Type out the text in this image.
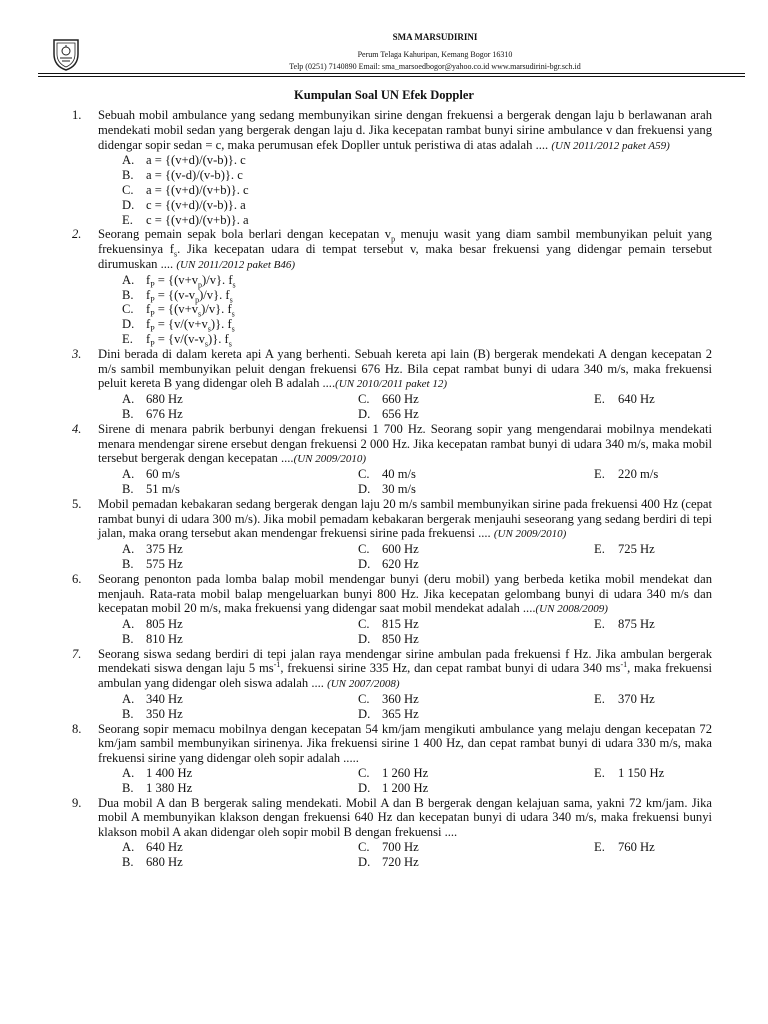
SMA MARSUDIRINI
Perum Telaga Kahuripan, Kemang Bogor 16310
Telp (0251) 7140890 Email: sma_marsoedbogor@yahoo.co.id www.marsudirini-bgr.sch.id
Kumpulan Soal UN Efek Doppler
1.	Sebuah mobil ambulance yang sedang membunyikan sirine dengan frekuensi a bergerak dengan laju b berlawanan arah mendekati mobil sedan yang bergerak dengan laju d. Jika kecepatan rambat bunyi sirine ambulance v dan frekuensi yang didengar sopir sedan = c, maka perumusan efek Dopller untuk peristiwa di atas adalah .... (UN 2011/2012 paket A59)
A. a = {(v+d)/(v-b)}. c
B. a = {(v-d)/(v-b)}. c
C. a = {(v+d)/(v+b)}. c
D. c = {(v+d)/(v-b)}. a
E. c = {(v+d)/(v+b)}. a
2.	Seorang pemain sepak bola berlari dengan kecepatan $v_p$ menuju wasit yang diam sambil membunyikan peluit yang frekuensinya $f_s$. Jika kecepatan udara di tempat tersebut v, maka besar frekuensi yang didengar pemain tersebut dirumuskan .... (UN 2011/2012 paket B46)
A. $f_P = \{(v+v_p)/v\}$. $f_s$
B. $f_P = \{(v-v_p)/v\}$. $f_s$
C. $f_P = \{(v+v_s)/v\}$. $f_s$
D. $f_P = \{v/(v+v_s)\}$. $f_s$
E. $f_P = \{v/(v-v_s)\}$. $f_s$
3.	Dini berada di dalam kereta api A yang berhenti. Sebuah kereta api lain (B) bergerak mendekati A dengan kecepatan 2 m/s sambil membunyikan peluit dengan frekuensi 676 Hz. Bila cepat rambat bunyi di udara 340 m/s, maka frekuensi peluit kereta B yang didengar oleh B adalah ....(UN 2010/2011 paket 12)
A. 680 Hz	C. 660 Hz	E. 640 Hz
B. 676 Hz	D. 656 Hz
4.	Sirene di menara pabrik berbunyi dengan frekuensi 1 700 Hz. Seorang sopir yang mengendarai mobilnya mendekati menara mendengar sirene ersebut dengan frekuensi 2 000 Hz. Jika kecepatan rambat bunyi di udara 340 m/s, maka mobil tersebut bergerak dengan kecepatan ....(UN 2009/2010)
A. 60 m/s	C. 40 m/s	E. 220 m/s
B. 51 m/s	D. 30 m/s
5.	Mobil pemadan kebakaran sedang bergerak dengan laju 20 m/s sambil membunyikan sirine pada frekuensi 400 Hz (cepat rambat bunyi di udara 300 m/s). Jika mobil pemadam kebakaran bergerak menjauhi seseorang yang sedang berdiri di tepi jalan, maka orang tersebut akan mendengar frekuensi sirine pada frekuensi .... (UN 2009/2010)
A. 375 Hz	C. 600 Hz	E. 725 Hz
B. 575 Hz	D. 620 Hz
6.	Seorang penonton pada lomba balap mobil mendengar bunyi (deru mobil) yang berbeda ketika mobil mendekat dan menjauh. Rata-rata mobil balap mengeluarkan bunyi 800 Hz. Jika kecepatan gelombang bunyi di udara 340 m/s dan kecepatan mobil 20 m/s, maka frekuensi yang didengar saat mobil mendekat adalah ....(UN 2008/2009)
A. 805 Hz	C. 815 Hz	E. 875 Hz
B. 810 Hz	D. 850 Hz
7.	Seorang siswa sedang berdiri di tepi jalan raya mendengar sirine ambulan pada frekuensi f Hz. Jika ambulan bergerak mendekati siswa dengan laju 5 $ms^{-1}$, frekuensi sirine 335 Hz, dan cepat rambat bunyi di udara 340 $ms^{-1}$, maka frekuensi ambulan yang didengar oleh siswa adalah .... (UN 2007/2008)
A. 340 Hz	C. 360 Hz	E. 370 Hz
B. 350 Hz	D. 365 Hz
8.	Seorang sopir memacu mobilnya dengan kecepatan 54 km/jam mengikuti ambulance yang melaju dengan kecepatan 72 km/jam sambil membunyikan sirinenya. Jika frekuensi sirine 1 400 Hz, dan cepat rambat bunyi di udara 330 m/s, maka frekuensi sirine yang didengar oleh sopir adalah .....
A. 1 400 Hz	C. 1 260 Hz	E. 1 150 Hz
B. 1 380 Hz	D. 1 200 Hz
9.	Dua mobil A dan B bergerak saling mendekati. Mobil A dan B bergerak dengan kelajuan sama, yakni 72 km/jam. Jika mobil A membunyikan klakson dengan frekuensi 640 Hz dan kecepatan bunyi di udara 340 m/s, maka frekuensi bunyi klakson mobil A akan didengar oleh sopir mobil B dengan frekuensi ....
A. 640 Hz	C. 700 Hz	E. 760 Hz
B. 680 Hz	D. 720 Hz
